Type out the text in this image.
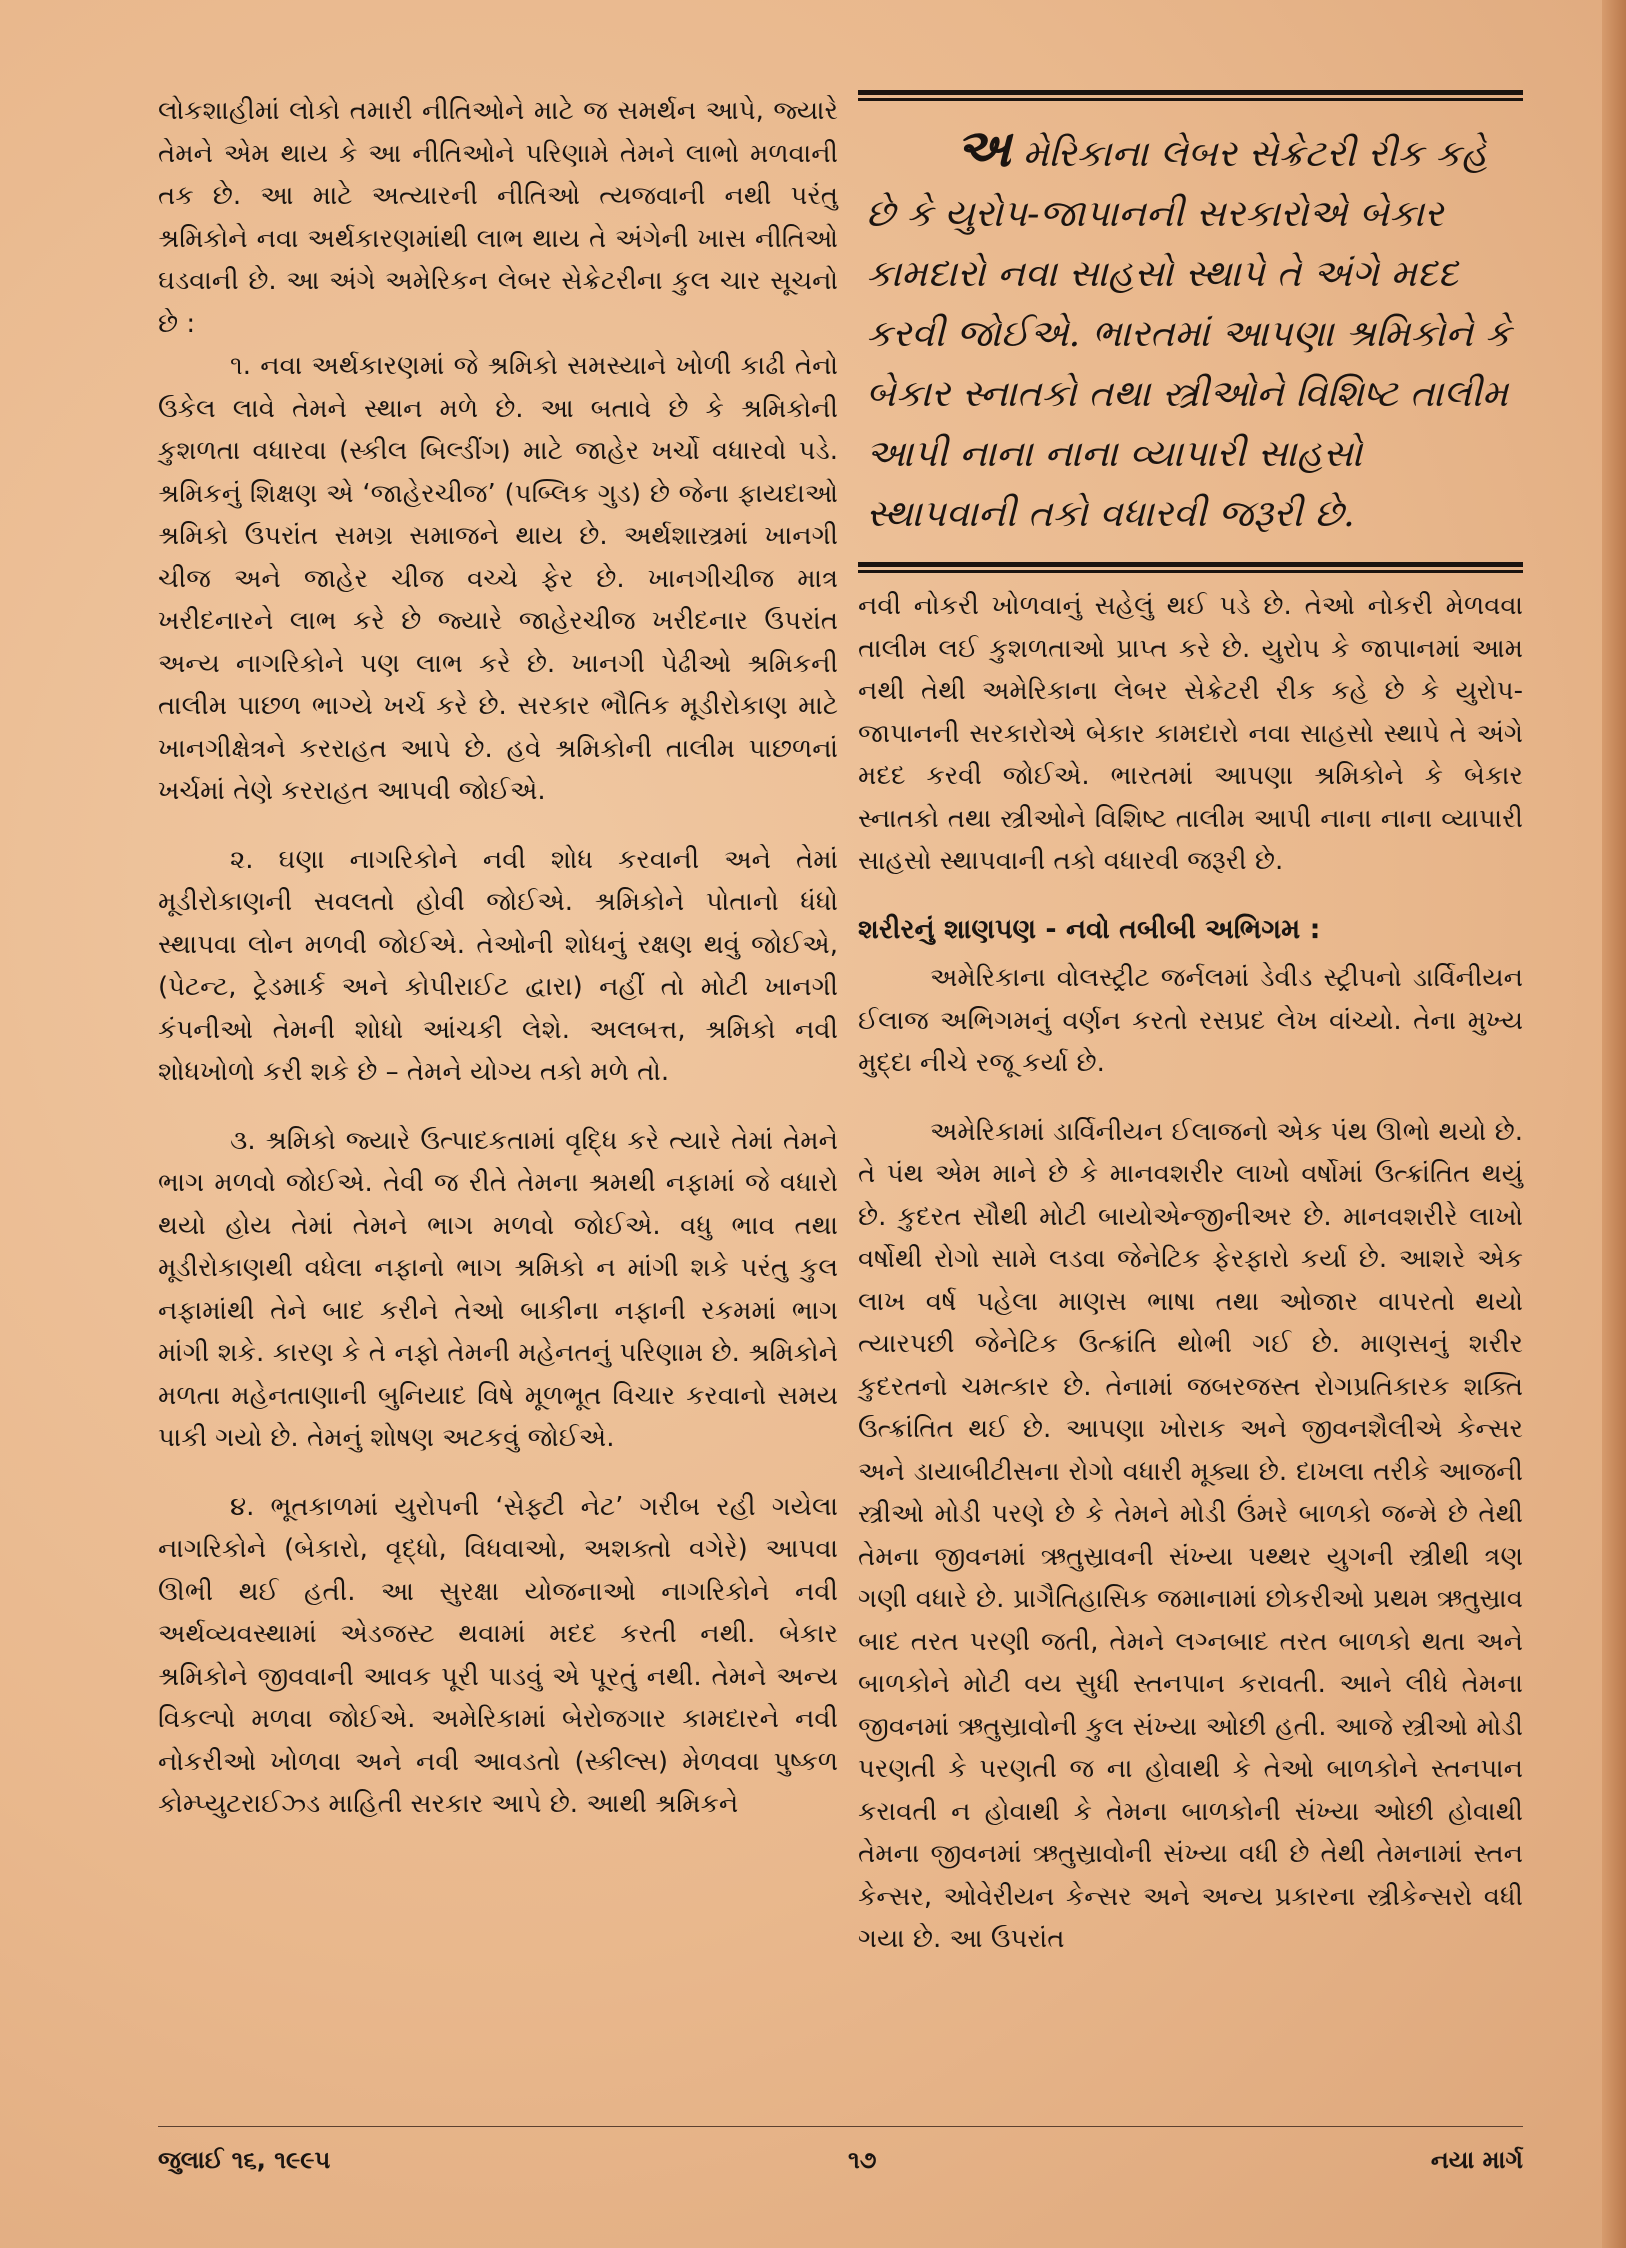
લોકશાહીમાં લોકો તમારી નીતિઓને માટે જ સમર્થન આપે, જ્યારે તેમને એમ થાય કે આ નીતિઓને પરિણામે તેમને લાભો મળવાની તક છે. આ માટે અત્યારની નીતિઓ ત્યજવાની નથી પરંતુ શ્રમિકોને નવા અર્થકારણમાંથી લાભ થાય તે અંગેની ખાસ નીતિઓ ઘડવાની છે. આ અંગે અમેરિકન લેબર સેક્રેટરીના કુલ ચાર સૂચનો છે :

૧. નવા અર્થકારણમાં જે શ્રમિકો સમસ્યાને ખોળી કાઢી તેનો ઉકેલ લાવે તેમને સ્થાન મળે છે. આ બતાવે છે કે શ્રમિકોની કુશળતા વધારવા (સ્કીલ બિલ્ડીંગ) માટે જાહેર ખર્ચો વધારવો પડે. શ્રમિકનું શિક્ષણ એ ‘જાહેરચીજ’ (પબ્લિક ગુડ) છે જેના ફાયદાઓ શ્રમિકો ઉપરાંત સમગ્ર સમાજને થાય છે. અર્થશાસ્ત્રમાં ખાનગી ચીજ અને જાહેર ચીજ વચ્ચે ફેર છે. ખાનગીચીજ માત્ર ખરીદનારને લાભ કરે છે જ્યારે જાહેરચીજ ખરીદનાર ઉપરાંત અન્ય નાગરિકોને પણ લાભ કરે છે. ખાનગી પેઢીઓ શ્રમિકની તાલીમ પાછળ ભાગ્યે ખર્ચ કરે છે. સરકાર ભૌતિક મૂડીરોકાણ માટે ખાનગીક્ષેત્રને કરરાહત આપે છે. હવે શ્રમિકોની તાલીમ પાછળનાં ખર્ચમાં તેણે કરરાહત આપવી જોઈએ.

૨. ઘણા નાગરિકોને નવી શોધ કરવાની અને તેમાં મૂડીરોકાણની સવલતો હોવી જોઈએ. શ્રમિકોને પોતાનો ધંધો સ્થાપવા લોન મળવી જોઈએ. તેઓની શોધનું રક્ષણ થવું જોઈએ, (પેટન્ટ, ટ્રેડમાર્ક અને કોપીરાઈટ દ્વારા) નહીં તો મોટી ખાનગી કંપનીઓ તેમની શોધો આંચકી લેશે. અલબત્ત, શ્રમિકો નવી શોધખોળો કરી શકે છે – તેમને યોગ્ય તકો મળે તો.

૩. શ્રમિકો જ્યારે ઉત્પાદકતામાં વૃદ્ધિ કરે ત્યારે તેમાં તેમને ભાગ મળવો જોઈએ. તેવી જ રીતે તેમના શ્રમથી નફામાં જે વધારો થયો હોય તેમાં તેમને ભાગ મળવો જોઈએ. વધુ ભાવ તથા મૂડીરોકાણથી વધેલા નફાનો ભાગ શ્રમિકો ન માંગી શકે પરંતુ કુલ નફામાંથી તેને બાદ કરીને તેઓ બાકીના નફાની રકમમાં ભાગ માંગી શકે. કારણ કે તે નફો તેમની મહેનતનું પરિણામ છે. શ્રમિકોને મળતા મહેનતાણાની બુનિયાદ વિષે મૂળભૂત વિચાર કરવાનો સમય પાકી ગયો છે. તેમનું શોષણ અટકવું જોઈએ.

૪. ભૂતકાળમાં યુરોપની ‘સેફ્ટી નેટ’ ગરીબ રહી ગયેલા નાગરિકોને (બેકારો, વૃદ્ધો, વિધવાઓ, અશક્તો વગેરે) આપવા ઊભી થઈ હતી. આ સુરક્ષા યોજનાઓ નાગરિકોને નવી અર્થવ્યવસ્થામાં એડજસ્ટ થવામાં મદદ કરતી નથી. બેકાર શ્રમિકોને જીવવાની આવક પૂરી પાડવું એ પૂરતું નથી. તેમને અન્ય વિકલ્પો મળવા જોઈએ. અમેરિકામાં બેરોજગાર કામદારને નવી નોકરીઓ ખોળવા અને નવી આવડતો (સ્કીલ્સ) મેળવવા પુષ્કળ કોમ્પ્યુટરાઈઝ્ડ માહિતી સરકાર આપે છે. આથી શ્રમિકને

અ મેરિકાના લેબર સેક્રેટરી રીક કહે છે કે યુરોપ-જાપાનની સરકારોએ બેકાર કામદારો નવા સાહસો સ્થાપે તે અંગે મદદ કરવી જોઈએ. ભારતમાં આપણા શ્રમિકોને કે બેકાર સ્નાતકો તથા સ્ત્રીઓને વિશિષ્ટ તાલીમ આપી નાના નાના વ્યાપારી સાહસો સ્થાપવાની તકો વધારવી જરૂરી છે.

નવી નોકરી ખોળવાનું સહેલું થઈ પડે છે. તેઓ નોકરી મેળવવા તાલીમ લઈ કુશળતાઓ પ્રાપ્ત કરે છે. યુરોપ કે જાપાનમાં આમ નથી તેથી અમેરિકાના લેબર સેક્રેટરી રીક કહે છે કે યુરોપ-જાપાનની સરકારોએ બેકાર કામદારો નવા સાહસો સ્થાપે તે અંગે મદદ કરવી જોઈએ. ભારતમાં આપણા શ્રમિકોને કે બેકાર સ્નાતકો તથા સ્ત્રીઓને વિશિષ્ટ તાલીમ આપી નાના નાના વ્યાપારી સાહસો સ્થાપવાની તકો વધારવી જરૂરી છે.

શરીરનું શાણપણ - નવો તબીબી અભિગમ :

અમેરિકાના વોલસ્ટ્રીટ જર્નલમાં ડેવીડ સ્ટ્રીપનો ડાર્વિનીયન ઈલાજ અભિગમનું વર્ણન કરતો રસપ્રદ લેખ વાંચ્યો. તેના મુખ્ય મુદ્દા નીચે રજૂ કર્યા છે.

અમેરિકામાં ડાર્વિનીયન ઈલાજનો એક પંથ ઊભો થયો છે. તે પંથ એમ માને છે કે માનવશરીર લાખો વર્ષોમાં ઉત્ક્રાંતિત થયું છે. કુદરત સૌથી મોટી બાયોએન્જીનીઅર છે. માનવશરીરે લાખો વર્ષોથી રોગો સામે લડવા જેનેટિક ફેરફારો કર્યા છે. આશરે એક લાખ વર્ષ પહેલા માણસ ભાષા તથા ઓજાર વાપરતો થયો ત્યારપછી જેનેટિક ઉત્ક્રાંતિ થોભી ગઈ છે. માણસનું શરીર કુદરતનો ચમત્કાર છે. તેનામાં જબરજસ્ત રોગપ્રતિકારક શક્તિ ઉત્ક્રાંતિત થઈ છે. આપણા ખોરાક અને જીવનશૈલીએ કેન્સર અને ડાયાબીટીસના રોગો વધારી મૂક્યા છે. દાખલા તરીકે આજની સ્ત્રીઓ મોડી પરણે છે કે તેમને મોડી ઉંમરે બાળકો જન્મે છે તેથી તેમના જીવનમાં ઋતુસ્રાવની સંખ્યા પથ્થર યુગની સ્ત્રીથી ત્રણ ગણી વધારે છે. પ્રાગૈતિહાસિક જમાનામાં છોકરીઓ પ્રથમ ઋતુસ્રાવ બાદ તરત પરણી જતી, તેમને લગ્નબાદ તરત બાળકો થતા અને બાળકોને મોટી વય સુધી સ્તનપાન કરાવતી. આને લીધે તેમના જીવનમાં ઋતુસ્રાવોની કુલ સંખ્યા ઓછી હતી. આજે સ્ત્રીઓ મોડી પરણતી કે પરણતી જ ના હોવાથી કે તેઓ બાળકોને સ્તનપાન કરાવતી ન હોવાથી કે તેમના બાળકોની સંખ્યા ઓછી હોવાથી તેમના જીવનમાં ઋતુસ્રાવોની સંખ્યા વધી છે તેથી તેમનામાં સ્તન કેન્સર, ઓવેરીયન કેન્સર અને અન્ય પ્રકારના સ્ત્રીકેન્સરો વધી ગયા છે. આ ઉપરાંત

જુલાઈ ૧૬, ૧૯૯૫	૧૭	નયા માર્ગ
